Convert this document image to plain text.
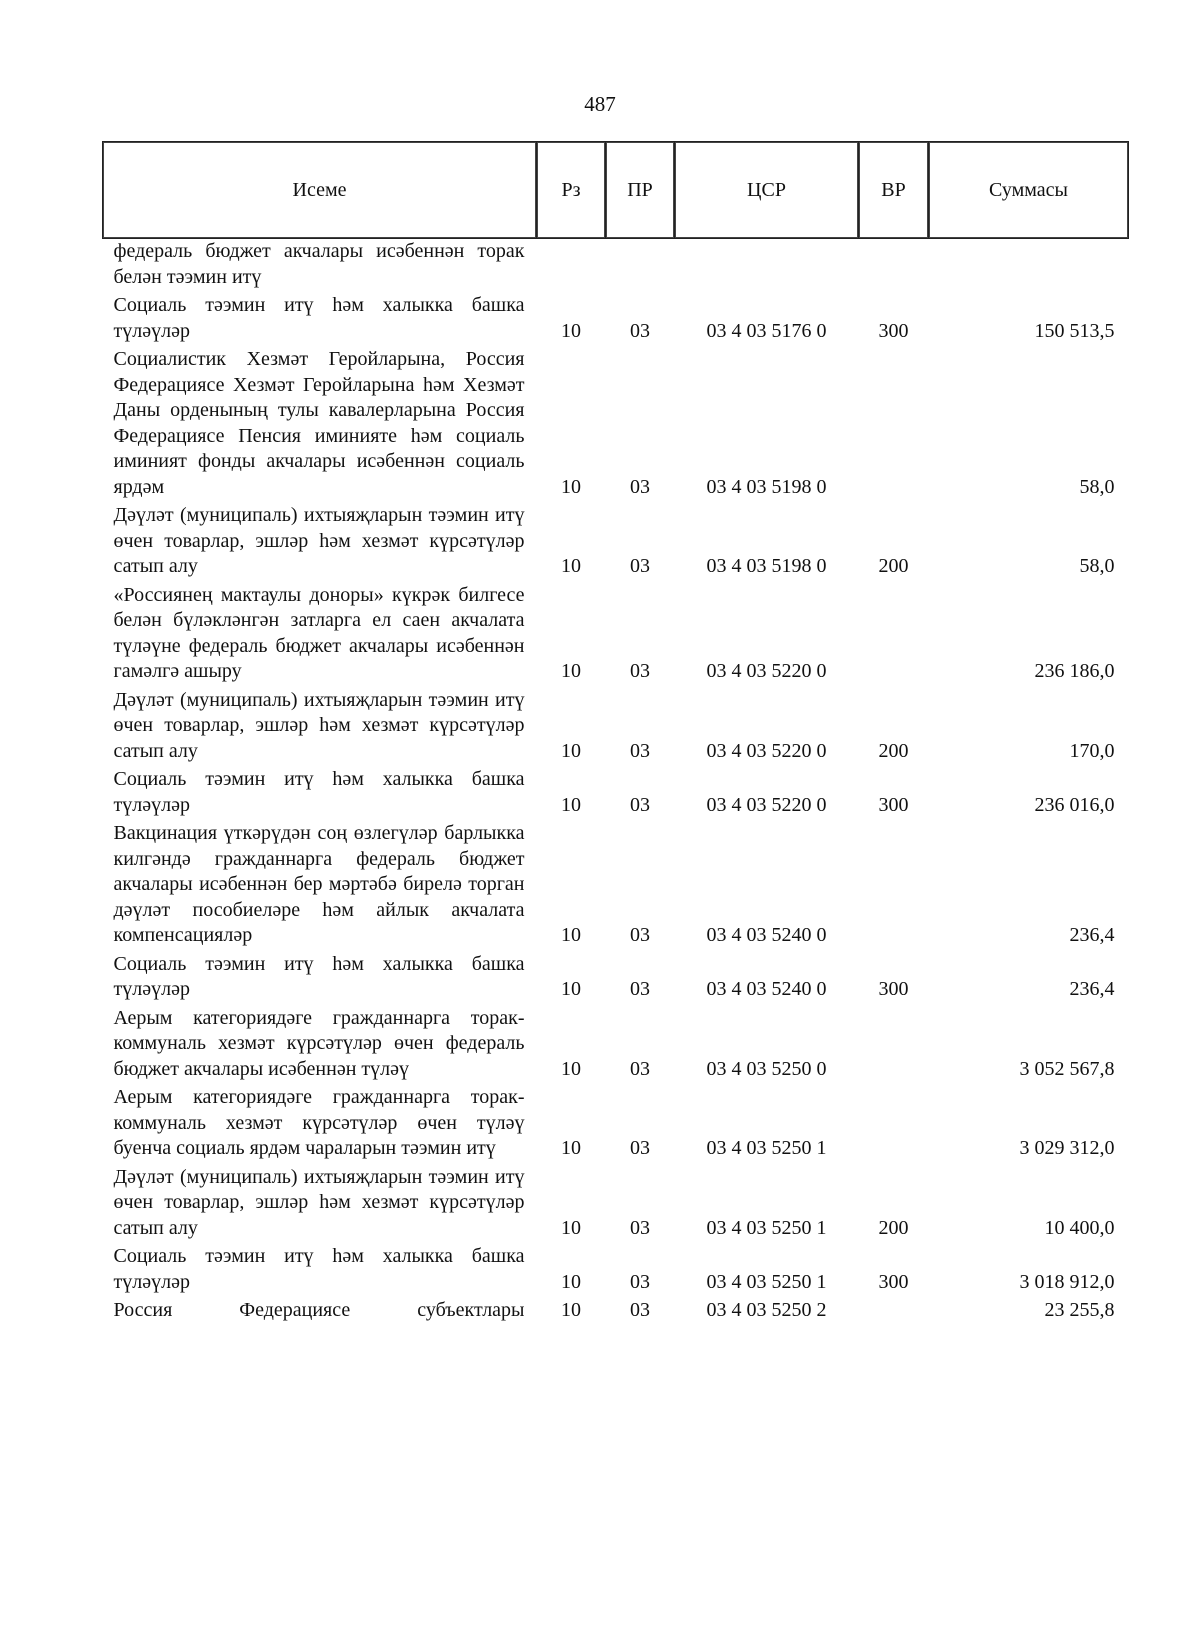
487
Исеме	Рз	ПР	ЦСР	ВР	Суммасы
федераль бюджет акчалары исәбеннән торак белән тәэмин итү					
Социаль тәэмин итү һәм халыкка башка түләүләр	10	03	03 4 03 5176 0	300	150 513,5
Социалистик Хезмәт Геройларына, Россия Федерациясе Хезмәт Геройларына һәм Хезмәт Даны орденының тулы кавалерларына Россия Федерациясе Пенсия иминияте һәм социаль иминият фонды акчалары исәбеннән социаль ярдәм	10	03	03 4 03 5198 0		58,0
Дәүләт (муниципаль) ихтыяҗларын тәэмин итү өчен товарлар, эшләр һәм хезмәт күрсәтүләр сатып алу	10	03	03 4 03 5198 0	200	58,0
«Россиянең мактаулы доноры» күкрәк билгесе белән бүләкләнгән затларга ел саен акчалата түләүне федераль бюджет акчалары исәбеннән гамәлгә ашыру	10	03	03 4 03 5220 0		236 186,0
Дәүләт (муниципаль) ихтыяҗларын тәэмин итү өчен товарлар, эшләр һәм хезмәт күрсәтүләр сатып алу	10	03	03 4 03 5220 0	200	170,0
Социаль тәэмин итү һәм халыкка башка түләүләр	10	03	03 4 03 5220 0	300	236 016,0
Вакцинация үткәрүдән соң өзлегүләр барлыкка килгәндә гражданнарга федераль бюджет акчалары исәбеннән бер мәртәбә бирелә торган дәүләт пособиеләре һәм айлык акчалата компенсацияләр	10	03	03 4 03 5240 0		236,4
Социаль тәэмин итү һәм халыкка башка түләүләр	10	03	03 4 03 5240 0	300	236,4
Аерым категориядәге гражданнарга торак-коммуналь хезмәт күрсәтүләр өчен федераль бюджет акчалары исәбеннән түләү	10	03	03 4 03 5250 0		3 052 567,8
Аерым категориядәге гражданнарга торак-коммуналь хезмәт күрсәтүләр өчен түләү буенча социаль ярдәм чараларын тәэмин итү	10	03	03 4 03 5250 1		3 029 312,0
Дәүләт (муниципаль) ихтыяҗларын тәэмин итү өчен товарлар, эшләр һәм хезмәт күрсәтүләр сатып алу	10	03	03 4 03 5250 1	200	10 400,0
Социаль тәэмин итү һәм халыкка башка түләүләр	10	03	03 4 03 5250 1	300	3 018 912,0
Россия Федерациясе субъектлары	10	03	03 4 03 5250 2		23 255,8
